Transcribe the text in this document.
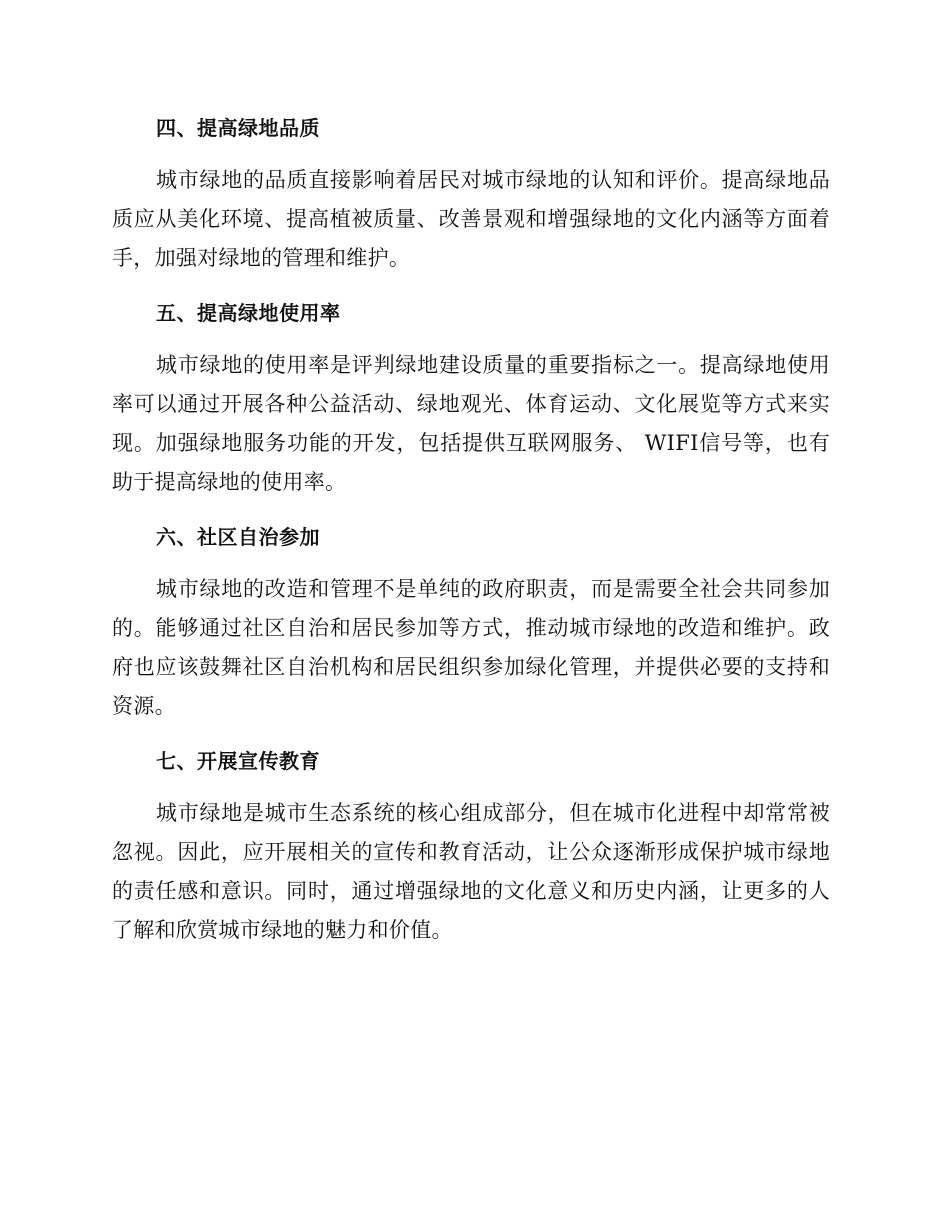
四、提高绿地品质

城市绿地的品质直接影响着居民对城市绿地的认知和评价。提高绿地品质应从美化环境、提高植被质量、改善景观和增强绿地的文化内涵等方面着手，加强对绿地的管理和维护。

五、提高绿地使用率

城市绿地的使用率是评判绿地建设质量的重要指标之一。提高绿地使用率可以通过开展各种公益活动、绿地观光、体育运动、文化展览等方式来实现。加强绿地服务功能的开发，包括提供互联网服务、 WIFI信号等，也有助于提高绿地的使用率。

六、社区自治参加

城市绿地的改造和管理不是单纯的政府职责，而是需要全社会共同参加的。能够通过社区自治和居民参加等方式，推动城市绿地的改造和维护。政府也应该鼓舞社区自治机构和居民组织参加绿化管理，并提供必要的支持和资源。

七、开展宣传教育

城市绿地是城市生态系统的核心组成部分，但在城市化进程中却常常被忽视。因此，应开展相关的宣传和教育活动，让公众逐渐形成保护城市绿地的责任感和意识。同时，通过增强绿地的文化意义和历史内涵，让更多的人了解和欣赏城市绿地的魅力和价值。
